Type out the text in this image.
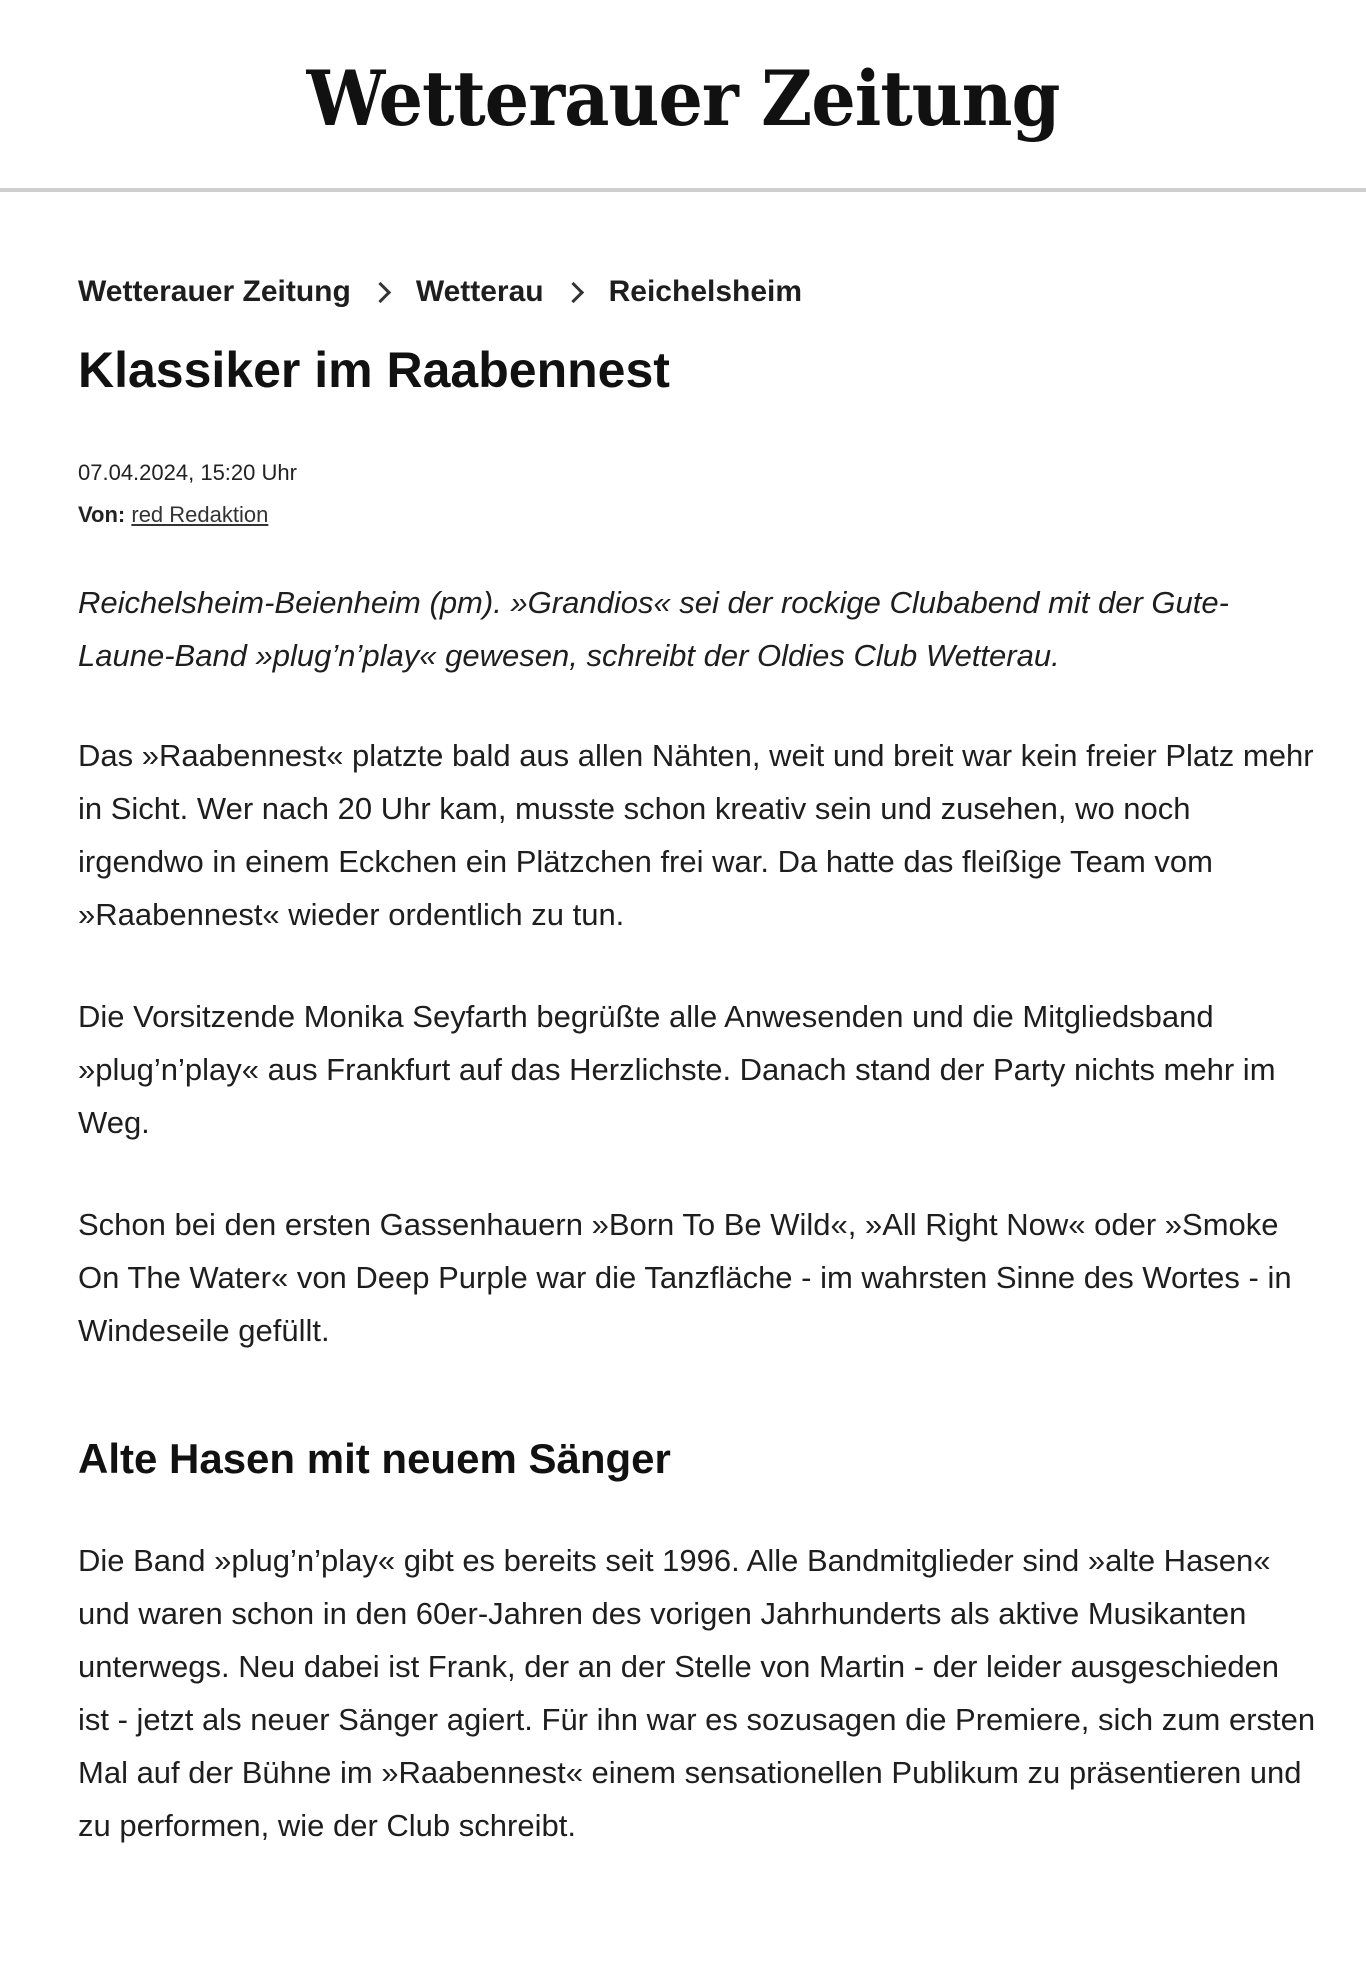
Wetterauer Zeitung
Wetterauer Zeitung Wetterau Reichelsheim
Klassiker im Raabennest
07.04.2024, 15:20 Uhr
Von: red Redaktion

Reichelsheim-Beienheim (pm). »Grandios« sei der rockige Clubabend mit der Gute-Laune-Band »plug’n’play« gewesen, schreibt der Oldies Club Wetterau.

Das »Raabennest« platzte bald aus allen Nähten, weit und breit war kein freier Platz mehr in Sicht. Wer nach 20 Uhr kam, musste schon kreativ sein und zusehen, wo noch irgendwo in einem Eckchen ein Plätzchen frei war. Da hatte das fleißige Team vom »Raabennest« wieder ordentlich zu tun.

Die Vorsitzende Monika Seyfarth begrüßte alle Anwesenden und die Mitgliedsband »plug’n’play« aus Frankfurt auf das Herzlichste. Danach stand der Party nichts mehr im Weg.

Schon bei den ersten Gassenhauern »Born To Be Wild«, »All Right Now« oder »Smoke On The Water« von Deep Purple war die Tanzfläche - im wahrsten Sinne des Wortes - in Windeseile gefüllt.

Alte Hasen mit neuem Sänger

Die Band »plug’n’play« gibt es bereits seit 1996. Alle Bandmitglieder sind »alte Hasen« und waren schon in den 60er-Jahren des vorigen Jahrhunderts als aktive Musikanten unterwegs. Neu dabei ist Frank, der an der Stelle von Martin - der leider ausgeschieden ist - jetzt als neuer Sänger agiert. Für ihn war es sozusagen die Premiere, sich zum ersten Mal auf der Bühne im »Raabennest« einem sensationellen Publikum zu präsentieren und zu performen, wie der Club schreibt.
